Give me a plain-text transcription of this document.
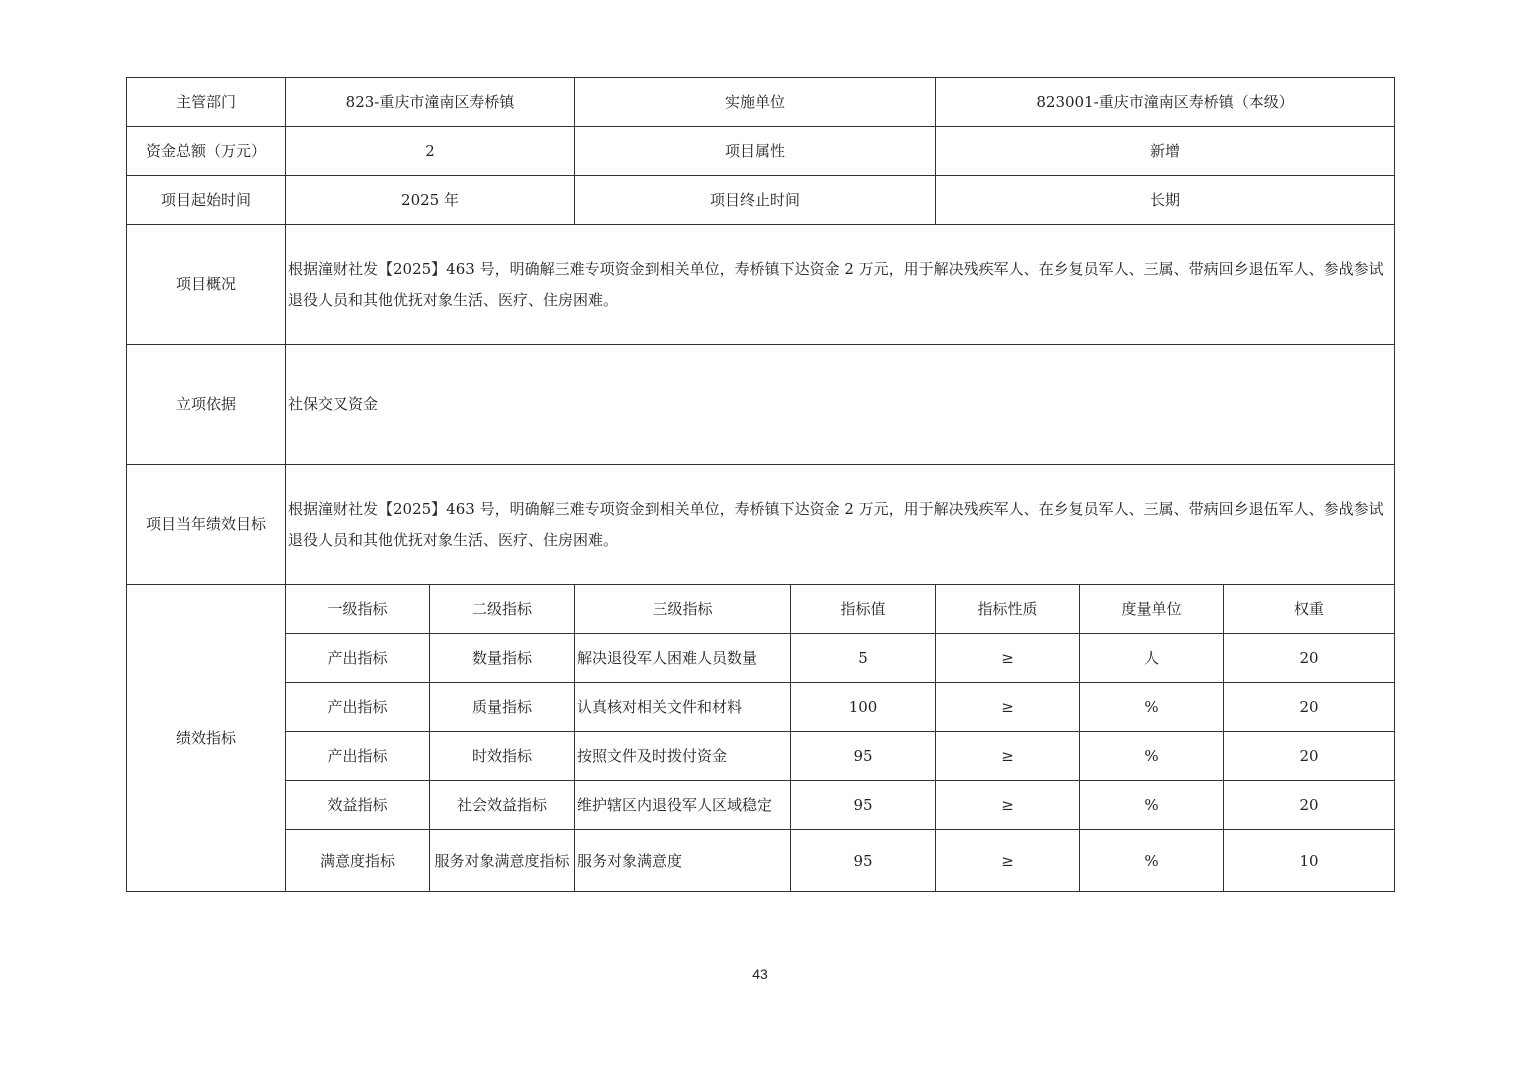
主管部门	823-重庆市潼南区寿桥镇		实施单位		823001-重庆市潼南区寿桥镇（本级）		
资金总额（万元）	2		项目属性		新增		
项目起始时间	2025 年		项目终止时间		长期		
项目概况	根据潼财社发【2025】463 号，明确解三难专项资金到相关单位，寿桥镇下达资金 2 万元，用于解决残疾军人、在乡复员军人、三属、带病回乡退伍军人、参战参试退役人员和其他优抚对象生活、医疗、住房困难。						
立项依据	社保交叉资金						
项目当年绩效目标	根据潼财社发【2025】463 号，明确解三难专项资金到相关单位，寿桥镇下达资金 2 万元，用于解决残疾军人、在乡复员军人、三属、带病回乡退伍军人、参战参试退役人员和其他优抚对象生活、医疗、住房困难。						
绩效指标	一级指标	二级指标	三级指标	指标值	指标性质	度量单位	权重
	产出指标	数量指标	解决退役军人困难人员数量	5	≥	人	20
	产出指标	质量指标	认真核对相关文件和材料	100	≥	%	20
	产出指标	时效指标	按照文件及时拨付资金	95	≥	%	20
	效益指标	社会效益指标	维护辖区内退役军人区域稳定	95	≥	%	20
	满意度指标	服务对象满意度指标	服务对象满意度	95	≥	%	10
43
